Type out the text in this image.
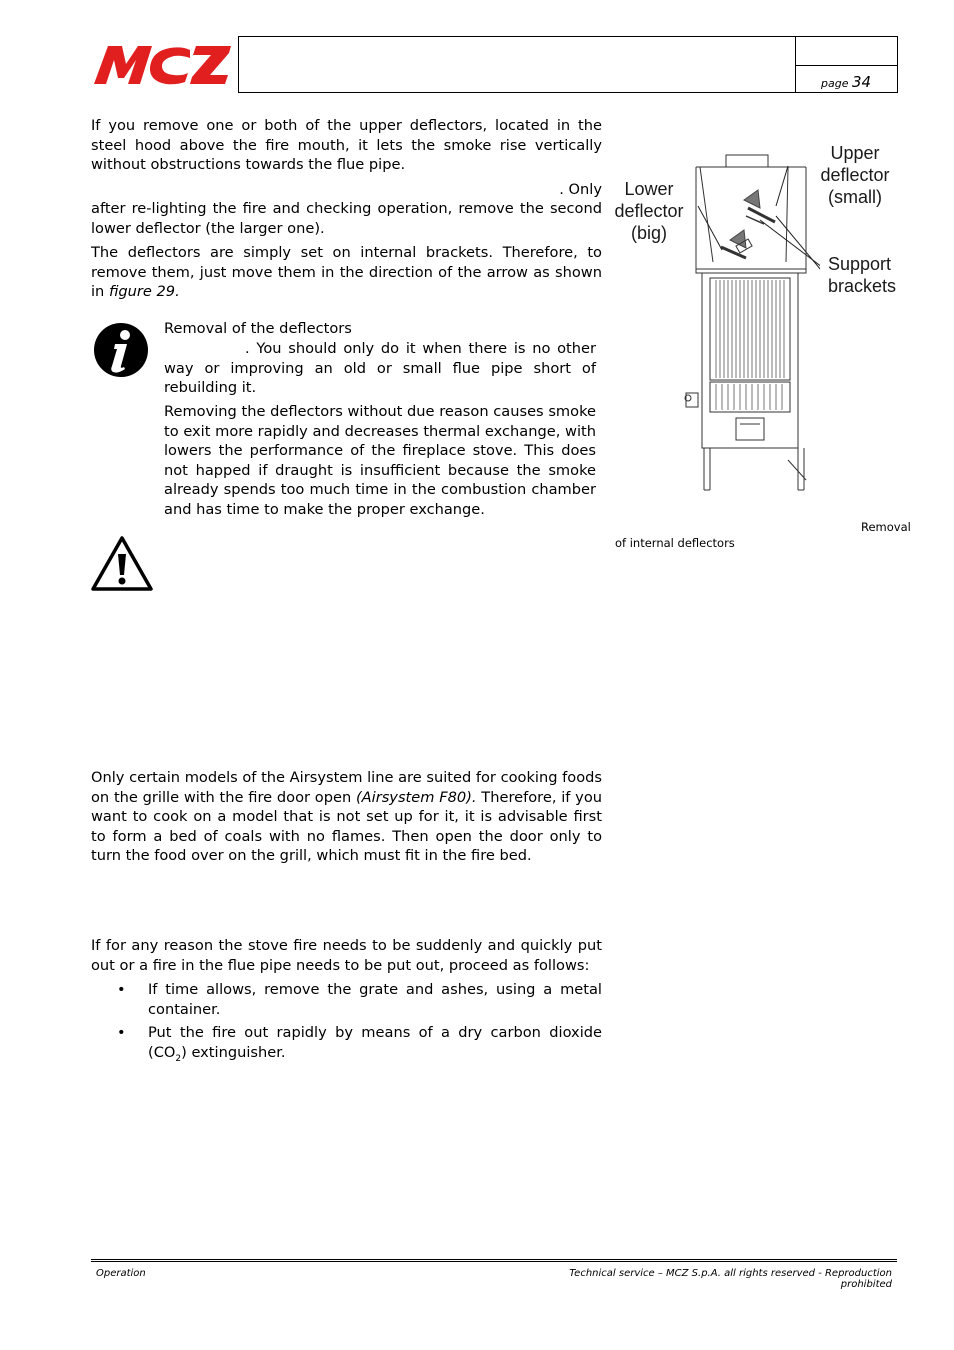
page 34

If you remove one or both of the upper deflectors, located in the steel hood above the fire mouth, it lets the smoke rise vertically without obstructions towards the flue pipe.

. Only

after re-lighting the fire and checking operation, remove the second lower deflector (the larger one).

The deflectors are simply set on internal brackets. Therefore, to remove them, just move them in the direction of the arrow as shown in figure 29.

Removal of the deflectors

. You should only do it when there is no other way or improving an old or small flue pipe short of rebuilding it.

Removing the deflectors without due reason causes smoke to exit more rapidly and decreases thermal exchange, with lowers the performance of the fireplace stove. This does not happed if draught is insufficient because the smoke already spends too much time in the combustion chamber and has time to make the proper exchange.

Upper
deflector
(small)
Lower
deflector
(big)
Support
brackets
Removal
of internal deflectors

Only certain models of the Airsystem line are suited for cooking foods on the grille with the fire door open (Airsystem F80). Therefore, if you want to cook on a model that is not set up for it, it is advisable first to form a bed of coals with no flames. Then open the door only to turn the food over on the grill, which must fit in the fire bed.

If for any reason the stove fire needs to be suddenly and quickly put out or a fire in the flue pipe needs to be put out, proceed as follows:

• If time allows, remove the grate and ashes, using a metal container.
• Put the fire out rapidly by means of a dry carbon dioxide $(CO_2)$ extinguisher.
Operation	Technical service – MCZ S.p.A. all rights reserved - Reproduction prohibited
